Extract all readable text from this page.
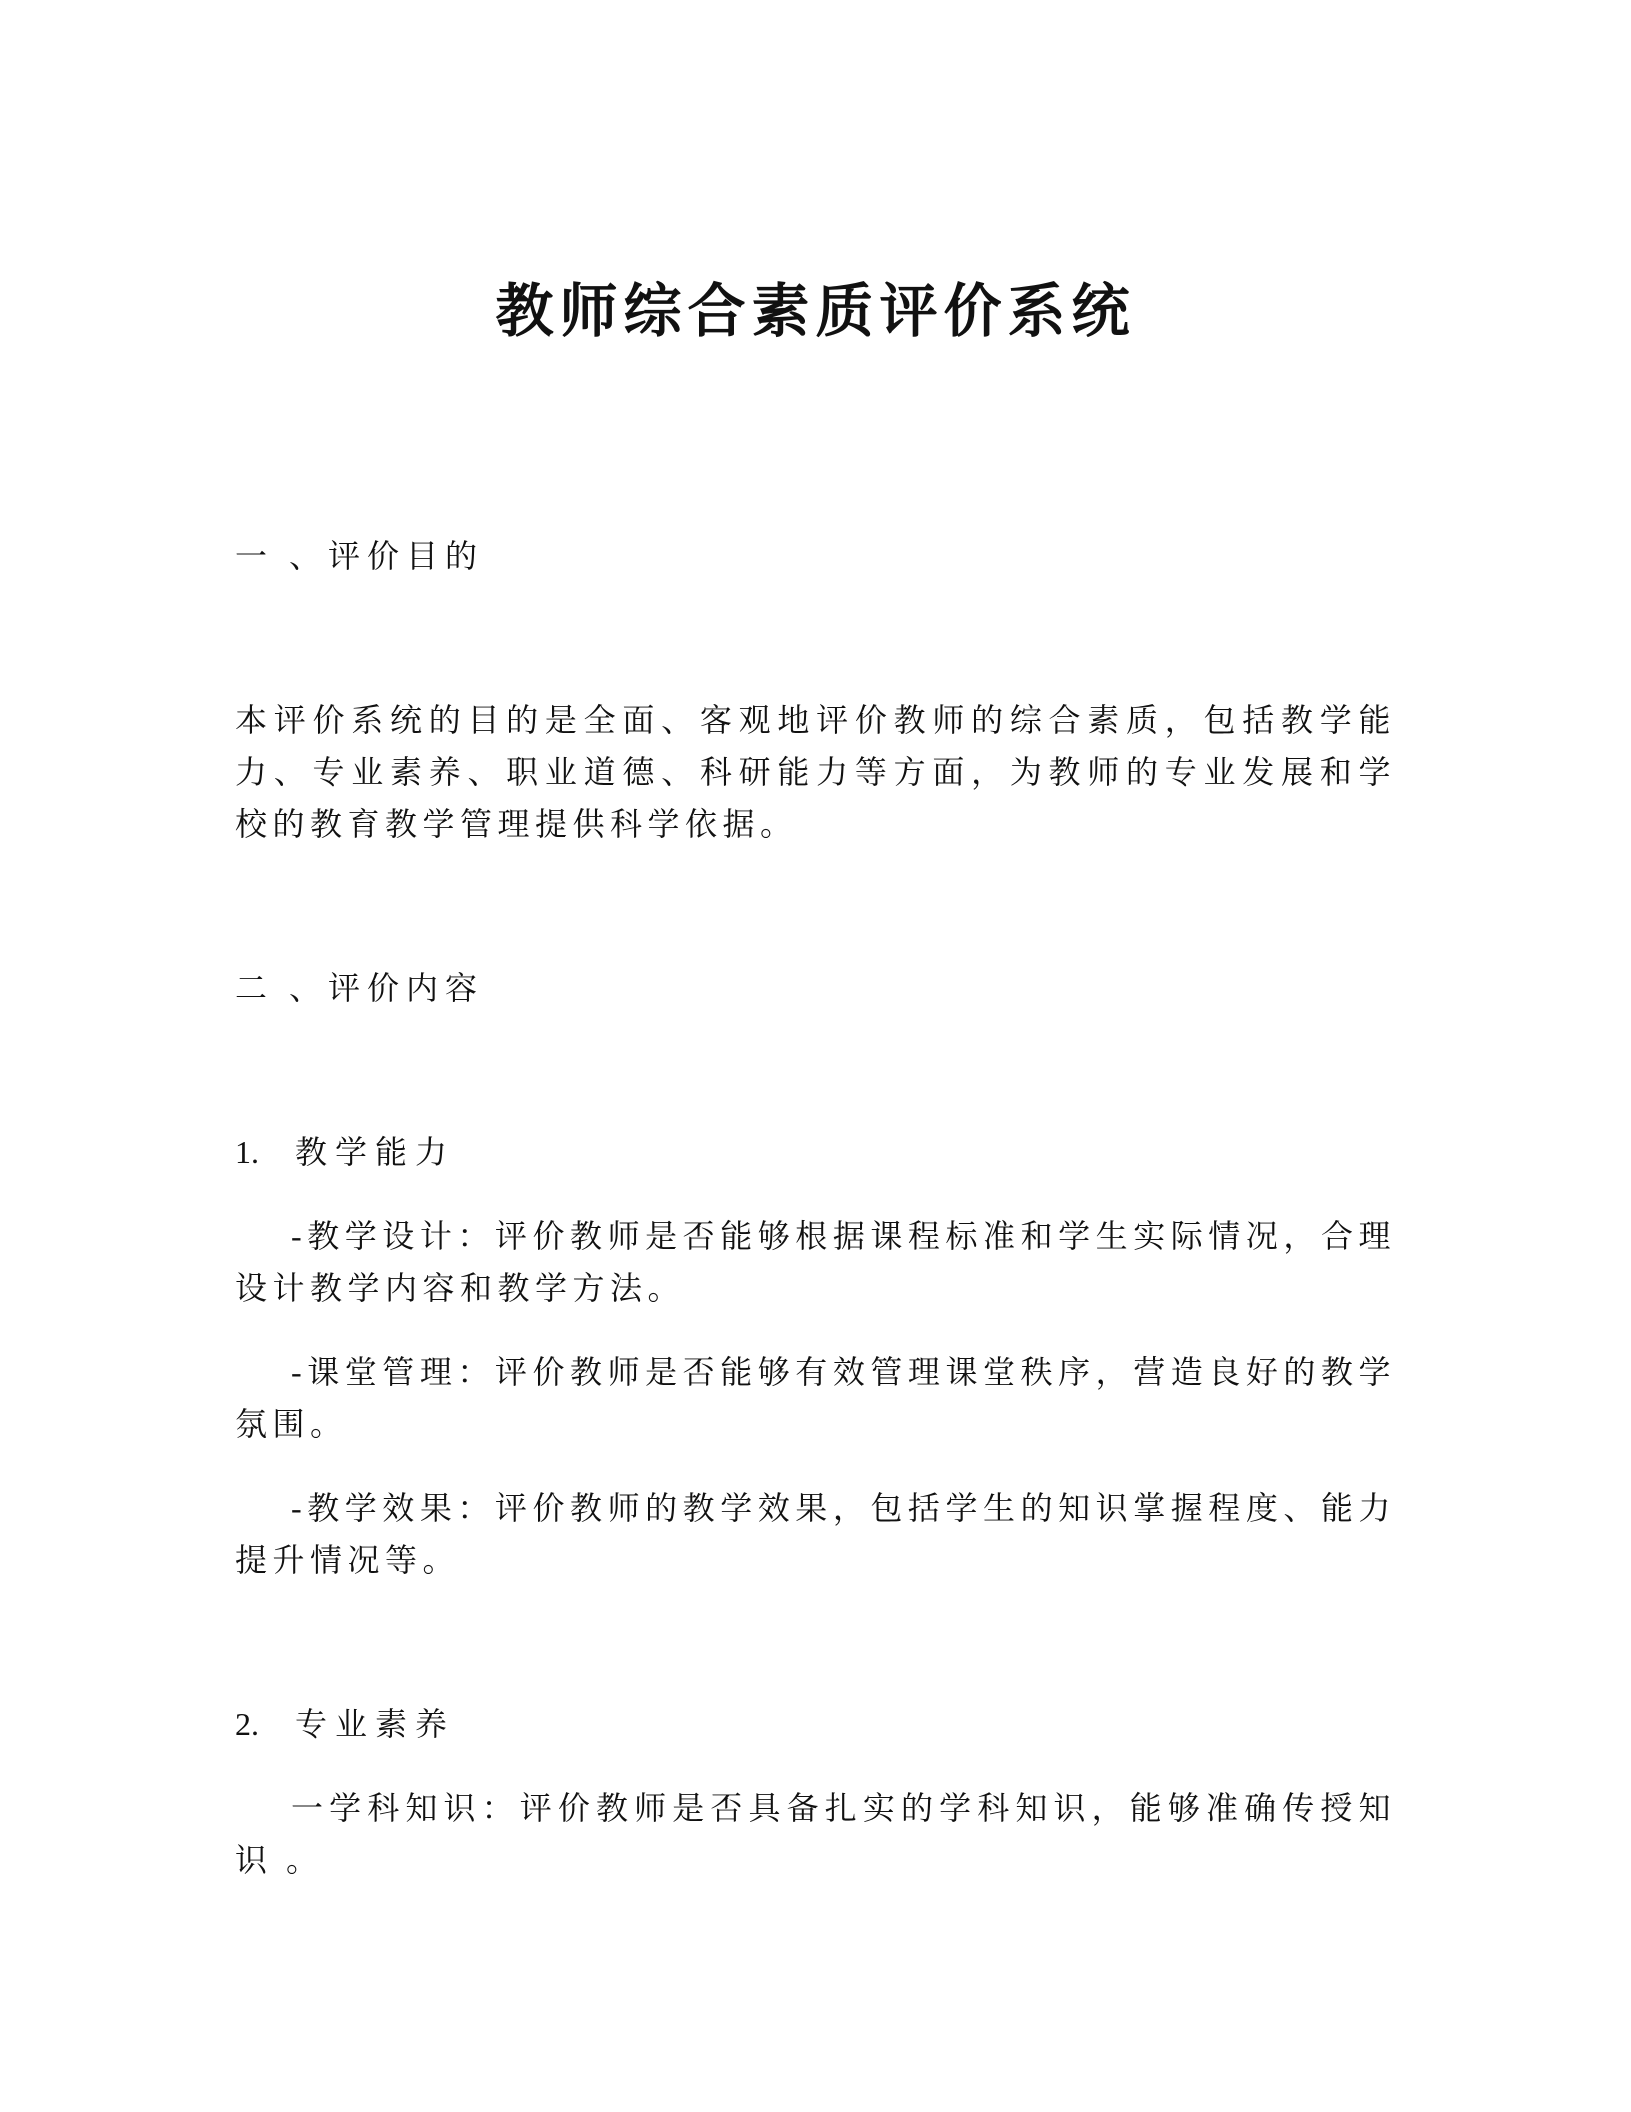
教师综合素质评价系统
一 、评价目的

本评价系统的目的是全面、客观地评价教师的综合素质，包括教学能力、专业素养、职业道德、科研能力等方面，为教师的专业发展和学校的教育教学管理提供科学依据。

二 、评价内容
1. 教学能力

-教学设计：评价教师是否能够根据课程标准和学生实际情况，合理设计教学内容和教学方法。

-课堂管理：评价教师是否能够有效管理课堂秩序，营造良好的教学氛围。

-教学效果：评价教师的教学效果，包括学生的知识掌握程度、能力提升情况等。

2. 专业素养

一学科知识：评价教师是否具备扎实的学科知识，能够准确传授知识 。
